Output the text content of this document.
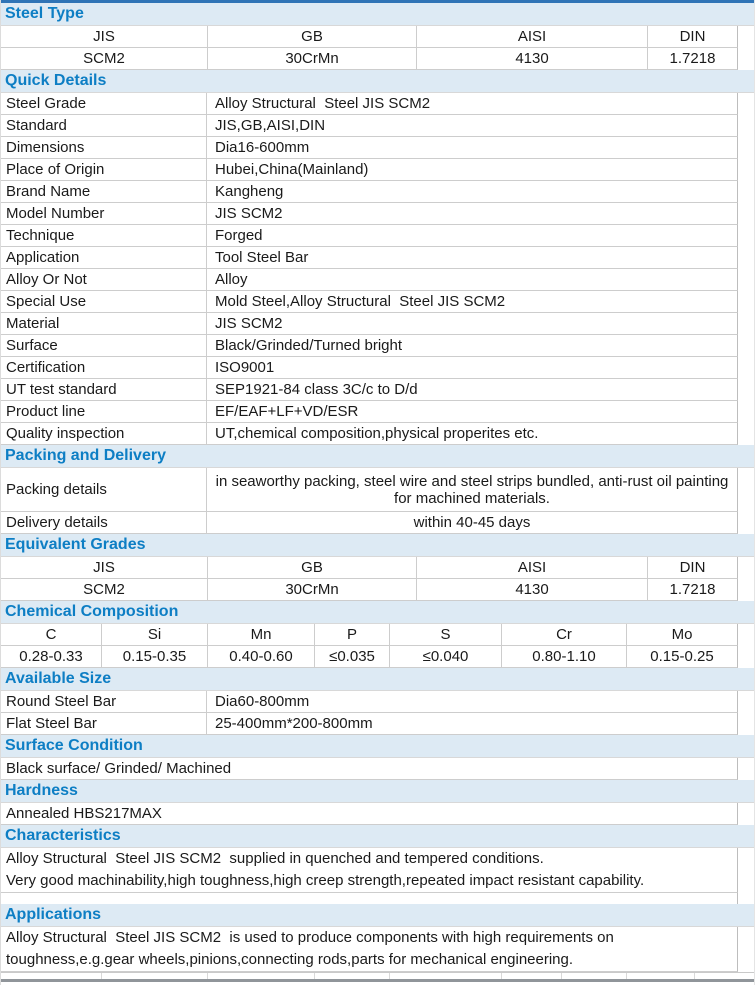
Steel Type
JIS	GB	AISI	DIN
SCM2	30CrMn	4130	1.7218
Quick Details
Steel Grade	Alloy Structural  Steel JIS SCM2
Standard	JIS,GB,AISI,DIN
Dimensions	Dia16-600mm
Place of Origin	Hubei,China(Mainland)
Brand Name	Kangheng
Model Number	JIS SCM2
Technique	Forged
Application	Tool Steel Bar
Alloy Or Not	Alloy
Special Use	Mold Steel,Alloy Structural  Steel JIS SCM2
Material	JIS SCM2
Surface	Black/Grinded/Turned bright
Certification	ISO9001
UT test standard	SEP1921-84 class 3C/c to D/d
Product line	EF/EAF+LF+VD/ESR
Quality inspection	UT,chemical composition,physical properites etc.
Packing and Delivery
Packing details	in seaworthy packing, steel wire and steel strips bundled, anti-rust oil painting for machined materials.
Delivery details	within 40-45 days
Equivalent Grades
JIS	GB	AISI	DIN
SCM2	30CrMn	4130	1.7218
Chemical Composition
C	Si	Mn	P	S	Cr	Mo
0.28-0.33	0.15-0.35	0.40-0.60	≤0.035	≤0.040	0.80-1.10	0.15-0.25
Available Size
Round Steel Bar	Dia60-800mm
Flat Steel Bar	25-400mm*200-800mm
Surface Condition
Black surface/ Grinded/ Machined
Hardness
Annealed HBS217MAX
Characteristics
Alloy Structural  Steel JIS SCM2  supplied in quenched and tempered conditions.
Very good machinability,high toughness,high creep strength,repeated impact resistant capability.
Applications
Alloy Structural  Steel JIS SCM2  is used to produce components with high requirements on
toughness,e.g.gear wheels,pinions,connecting rods,parts for mechanical engineering.
